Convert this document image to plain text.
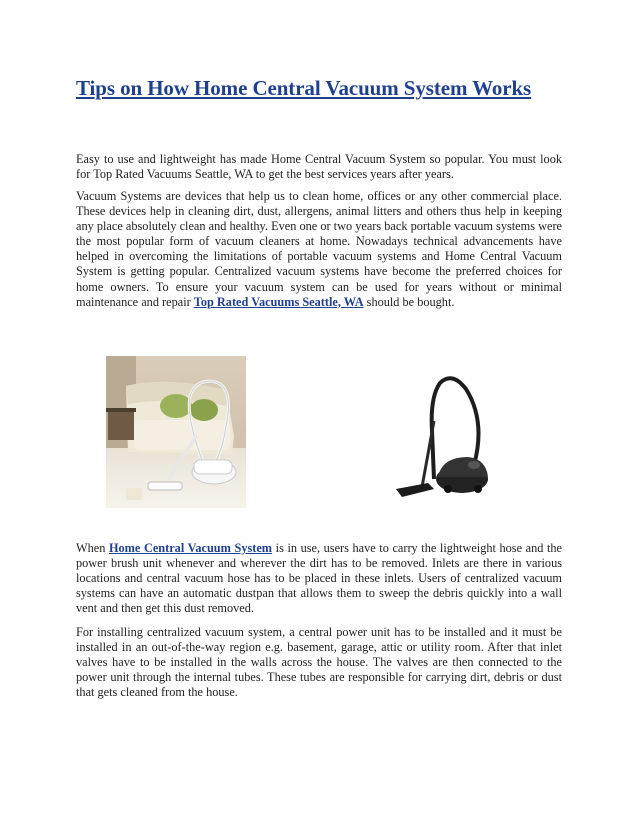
Tips on How Home Central Vacuum System Works

Easy to use and lightweight has made Home Central Vacuum System so popular. You must look for Top Rated Vacuums Seattle, WA to get the best services years after years.

Vacuum Systems are devices that help us to clean home, offices or any other commercial place. These devices help in cleaning dirt, dust, allergens, animal litters and others thus help in keeping any place absolutely clean and healthy. Even one or two years back portable vacuum systems were the most popular form of vacuum cleaners at home. Nowadays technical advancements have helped in overcoming the limitations of portable vacuum systems and Home Central Vacuum System is getting popular. Centralized vacuum systems have become the preferred choices for home owners. To ensure your vacuum system can be used for years without or minimal maintenance and repair Top Rated Vacuums Seattle, WA should be bought.

When Home Central Vacuum System is in use, users have to carry the lightweight hose and the power brush unit whenever and wherever the dirt has to be removed. Inlets are there in various locations and central vacuum hose has to be placed in these inlets. Users of centralized vacuum systems can have an automatic dustpan that allows them to sweep the debris quickly into a wall vent and then get this dust removed.

For installing centralized vacuum system, a central power unit has to be installed and it must be installed in an out-of-the-way region e.g. basement, garage, attic or utility room. After that inlet valves have to be installed in the walls across the house. The valves are then connected to the power unit through the internal tubes. These tubes are responsible for carrying dirt, debris or dust that gets cleaned from the house.
